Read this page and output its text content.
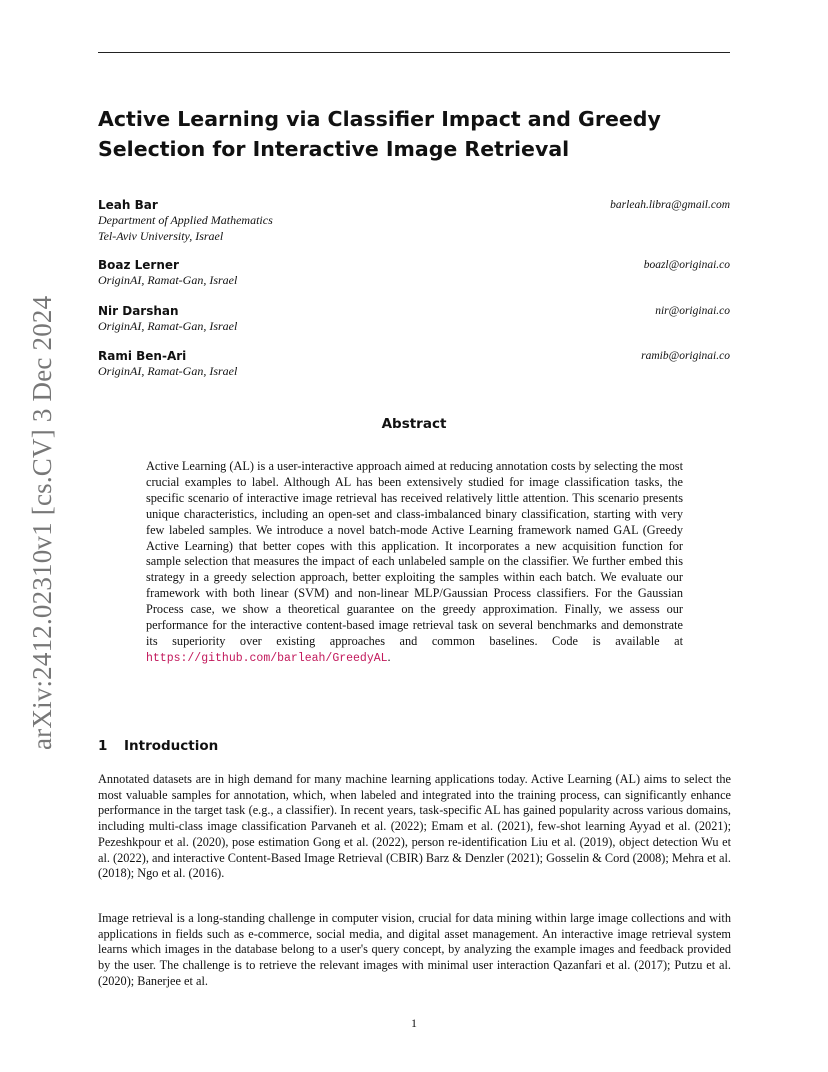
arXiv:2412.02310v1 [cs.CV] 3 Dec 2024
Active Learning via Classifier Impact and Greedy Selection for Interactive Image Retrieval
Leah Bar
Department of Applied Mathematics
Tel-Aviv University, Israel
barleah.libra@gmail.com
Boaz Lerner
OriginAI, Ramat-Gan, Israel
boazl@originai.co
Nir Darshan
OriginAI, Ramat-Gan, Israel
nir@originai.co
Rami Ben-Ari
OriginAI, Ramat-Gan, Israel
ramib@originai.co
Abstract
Active Learning (AL) is a user-interactive approach aimed at reducing annotation costs by selecting the most crucial examples to label. Although AL has been extensively studied for image classification tasks, the specific scenario of interactive image retrieval has received relatively little attention. This scenario presents unique characteristics, including an open-set and class-imbalanced binary classification, starting with very few labeled samples. We introduce a novel batch-mode Active Learning framework named GAL (Greedy Active Learning) that better copes with this application. It incorporates a new acquisition function for sample selection that measures the impact of each unlabeled sample on the classifier. We further embed this strategy in a greedy selection approach, better exploiting the samples within each batch. We evaluate our framework with both linear (SVM) and non-linear MLP/Gaussian Process classifiers. For the Gaussian Process case, we show a theoretical guarantee on the greedy approximation. Finally, we assess our performance for the interactive content-based image retrieval task on several benchmarks and demonstrate its superiority over existing approaches and common baselines. Code is available at https://github.com/barleah/GreedyAL.
1 Introduction
Annotated datasets are in high demand for many machine learning applications today. Active Learning (AL) aims to select the most valuable samples for annotation, which, when labeled and integrated into the training process, can significantly enhance performance in the target task (e.g., a classifier). In recent years, task-specific AL has gained popularity across various domains, including multi-class image classification Parvaneh et al. (2022); Emam et al. (2021), few-shot learning Ayyad et al. (2021); Pezeshkpour et al. (2020), pose estimation Gong et al. (2022), person re-identification Liu et al. (2019), object detection Wu et al. (2022), and interactive Content-Based Image Retrieval (CBIR) Barz & Denzler (2021); Gosselin & Cord (2008); Mehra et al. (2018); Ngo et al. (2016).
Image retrieval is a long-standing challenge in computer vision, crucial for data mining within large image collections and with applications in fields such as e-commerce, social media, and digital asset management. An interactive image retrieval system learns which images in the database belong to a user's query concept, by analyzing the example images and feedback provided by the user. The challenge is to retrieve the relevant images with minimal user interaction Qazanfari et al. (2017); Putzu et al. (2020); Banerjee et al.
1
